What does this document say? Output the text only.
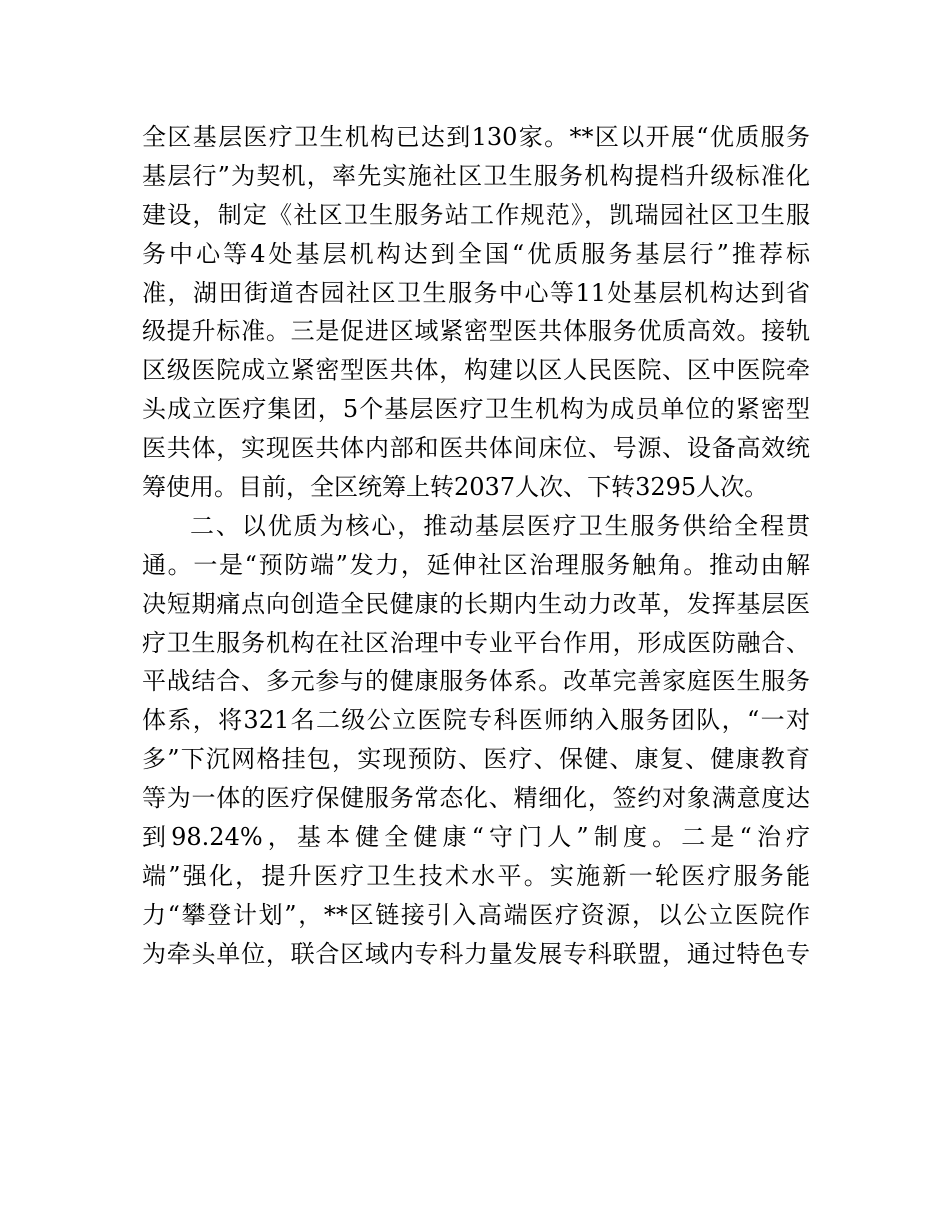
全区基层医疗卫生机构已达到130家。**区以开展“优质服务
基层行”为契机，率先实施社区卫生服务机构提档升级标准化
建设，制定《社区卫生服务站工作规范》，凯瑞园社区卫生服
务中心等4处基层机构达到全国“优质服务基层行”推荐标
准，湖田街道杏园社区卫生服务中心等11处基层机构达到省
级提升标准。三是促进区域紧密型医共体服务优质高效。接轨
区级医院成立紧密型医共体，构建以区人民医院、区中医院牵
头成立医疗集团，5个基层医疗卫生机构为成员单位的紧密型
医共体，实现医共体内部和医共体间床位、号源、设备高效统
筹使用。目前，全区统筹上转2037人次、下转3295人次。
二、以优质为核心，推动基层医疗卫生服务供给全程贯
通。一是“预防端”发力，延伸社区治理服务触角。推动由解
决短期痛点向创造全民健康的长期内生动力改革，发挥基层医
疗卫生服务机构在社区治理中专业平台作用，形成医防融合、
平战结合、多元参与的健康服务体系。改革完善家庭医生服务
体系，将321名二级公立医院专科医师纳入服务团队，“一对
多”下沉网格挂包，实现预防、医疗、保健、康复、健康教育
等为一体的医疗保健服务常态化、精细化，签约对象满意度达
到98.24%，基本健全健康“守门人”制度。二是“治疗
端”强化，提升医疗卫生技术水平。实施新一轮医疗服务能
力“攀登计划”，**区链接引入高端医疗资源，以公立医院作
为牵头单位，联合区域内专科力量发展专科联盟，通过特色专
